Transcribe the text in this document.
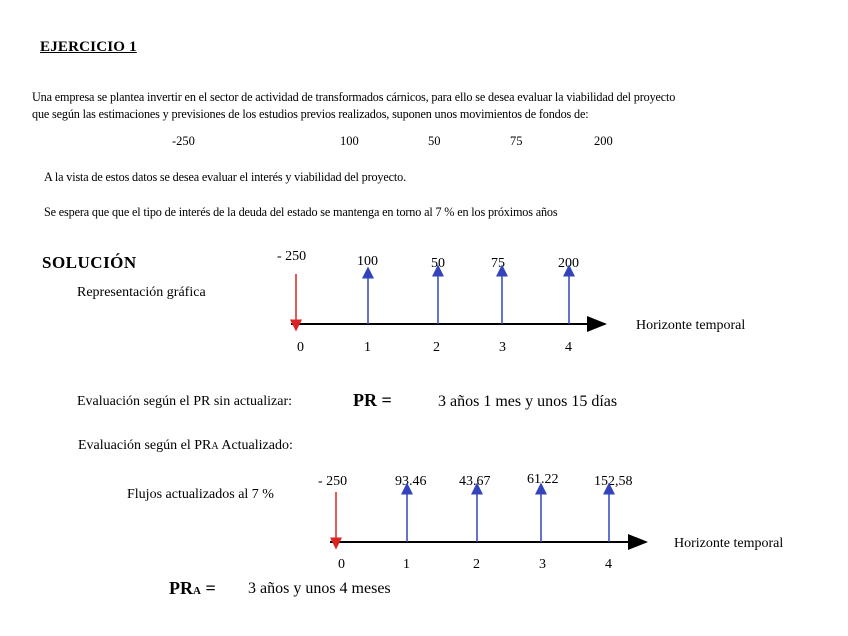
EJERCICIO 1
Una empresa se plantea invertir en el sector de actividad de transformados cárnicos, para ello se desea evaluar la viabilidad del proyecto
que según las estimaciones y previsiones de los estudios previos realizados, suponen unos movimientos de fondos de:
-250	100	50	75	200
A la vista de estos datos se desea evaluar el interés y viabilidad del proyecto.
Se espera que que el tipo de interés de la deuda del estado se mantenga en torno al 7 % en los próximos años
SOLUCIÓN
Representación gráfica
- 250	100	50	75	200
0	1	2	3	4
Horizonte temporal
Evaluación según el PR sin actualizar:	PR =	3 años 1 mes y unos 15 días
Evaluación según el PRA Actualizado:
Flujos actualizados al 7 %
- 250	93.46 43.67	61.22	152,58
0	1	2	3	4
Horizonte temporal
PRA = 3 años y unos 4 meses
